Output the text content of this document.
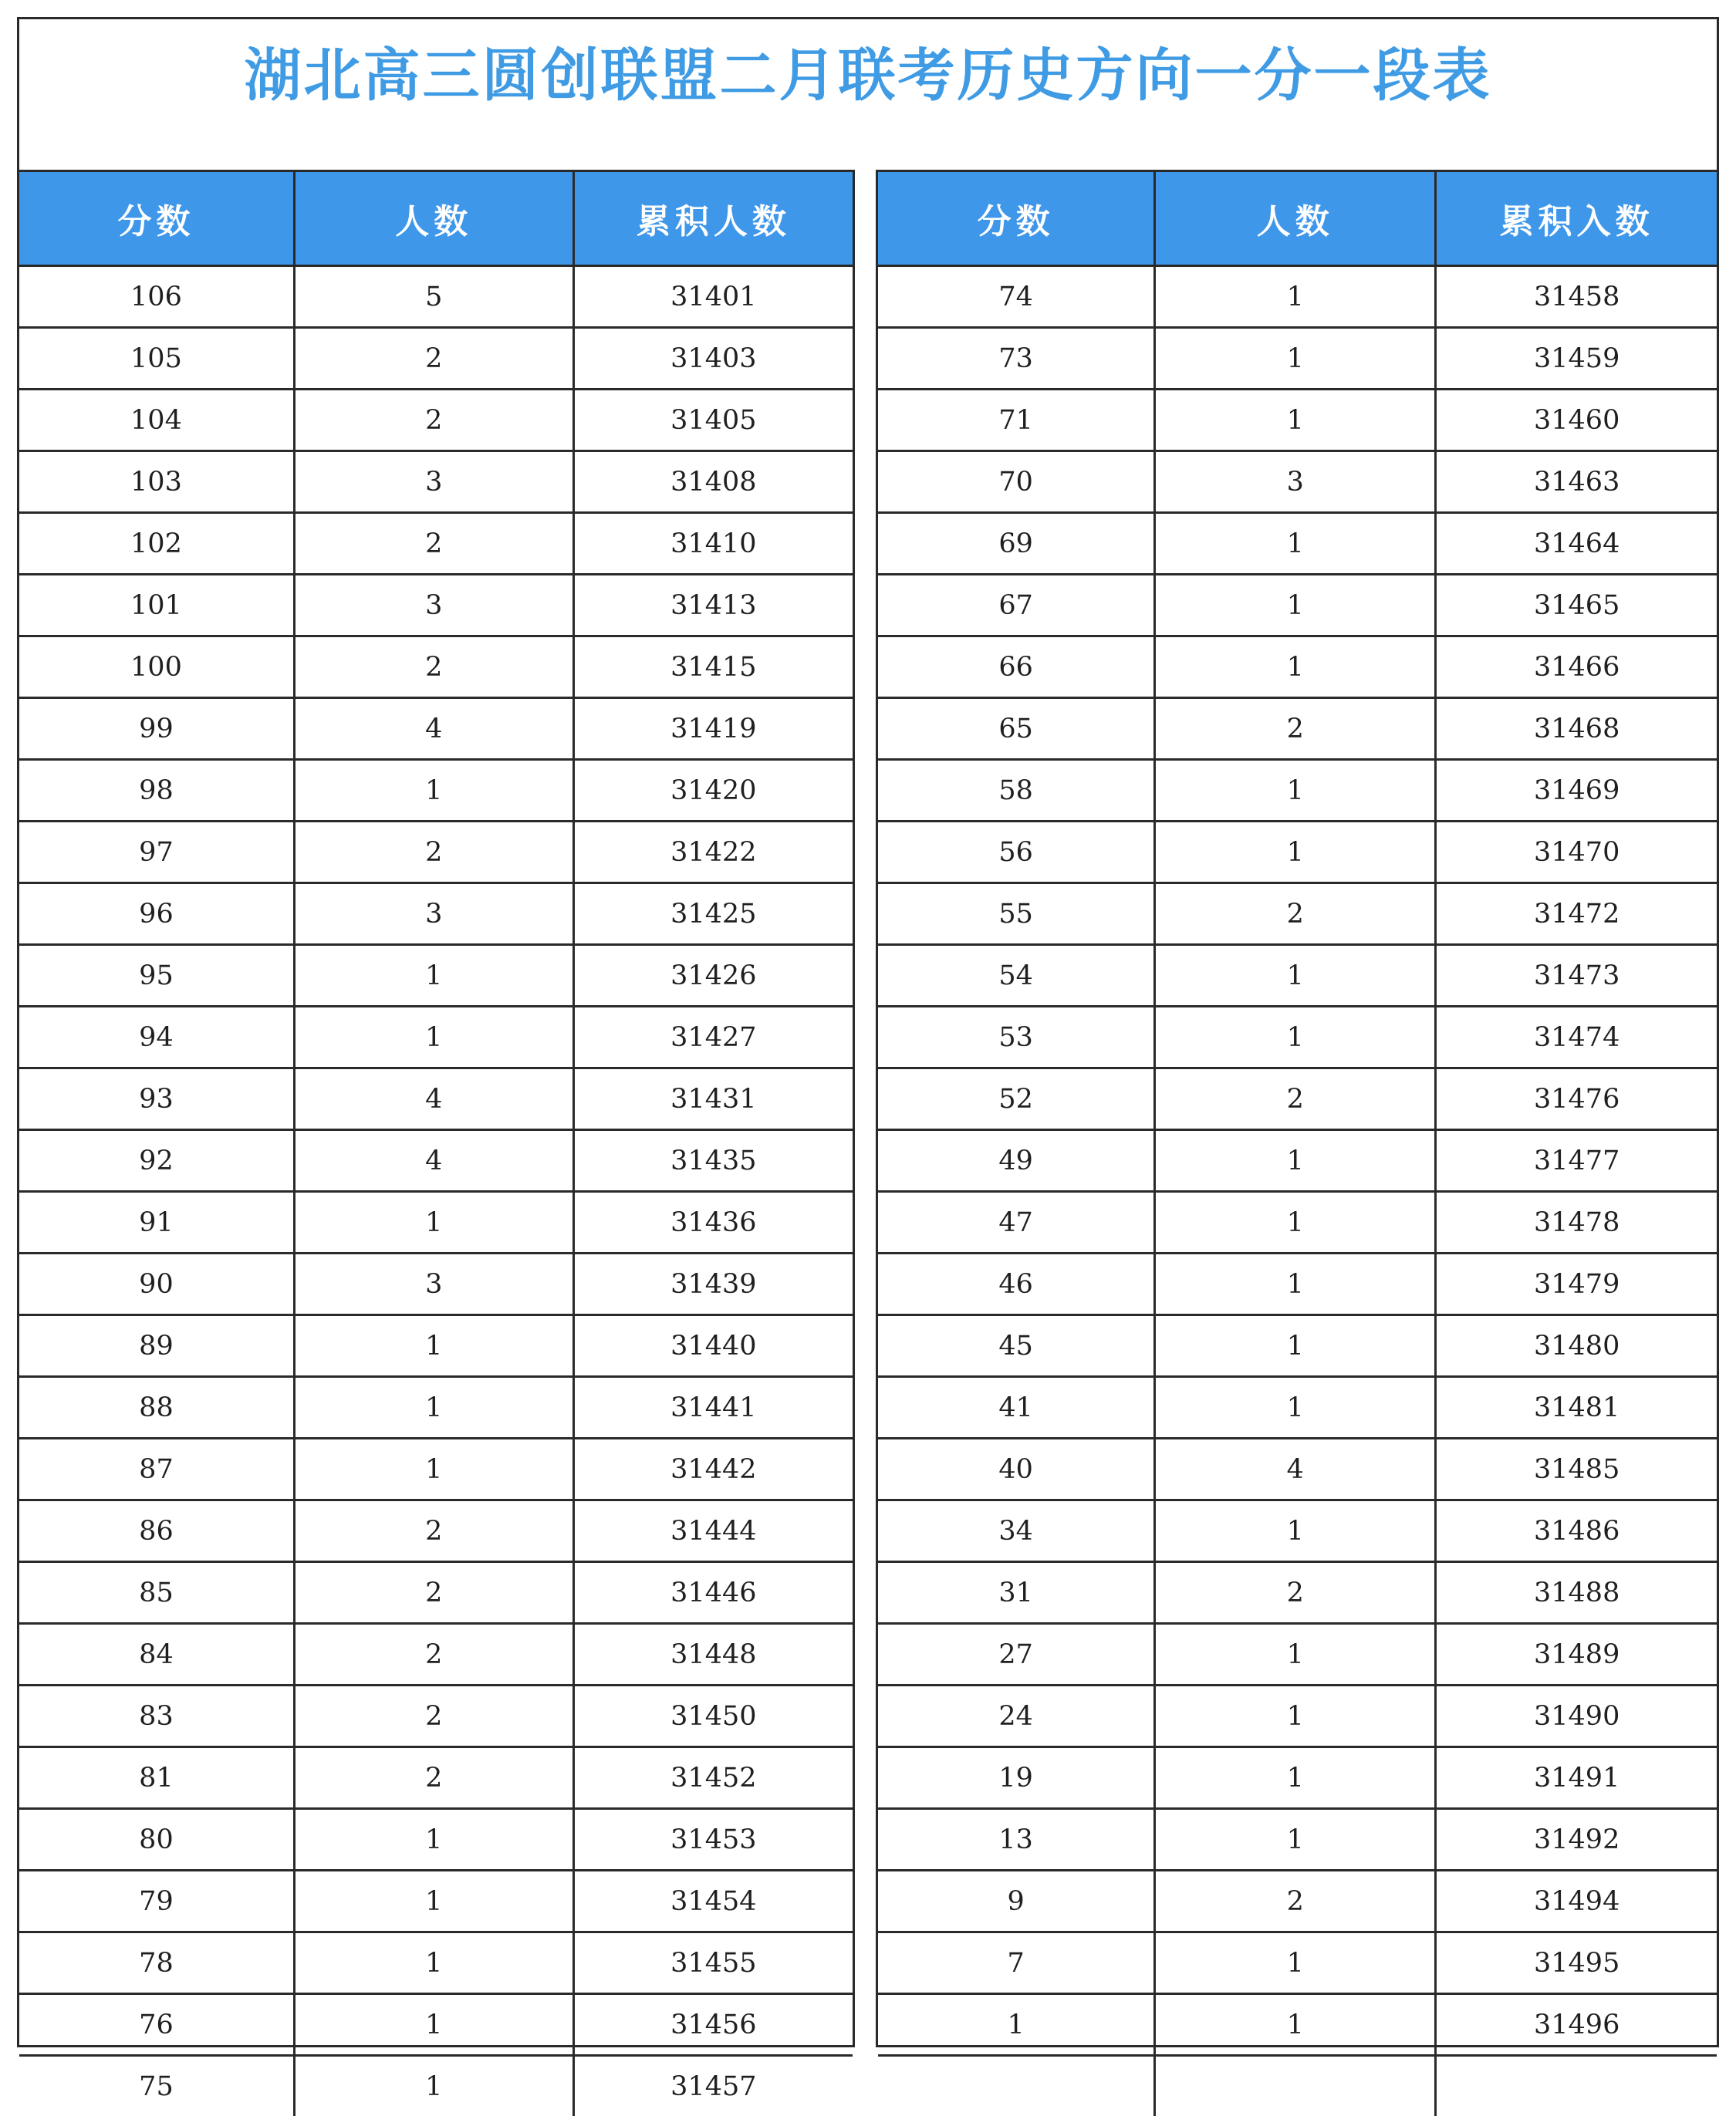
湖北高三圆创联盟二月联考历史方向一分一段表
分数	人数	累积人数
106	5	31401
105	2	31403
104	2	31405
103	3	31408
102	2	31410
101	3	31413
100	2	31415
99	4	31419
98	1	31420
97	2	31422
96	3	31425
95	1	31426
94	1	31427
93	4	31431
92	4	31435
91	1	31436
90	3	31439
89	1	31440
88	1	31441
87	1	31442
86	2	31444
85	2	31446
84	2	31448
83	2	31450
81	2	31452
80	1	31453
79	1	31454
78	1	31455
76	1	31456
75	1	31457
分数	人数	累积入数
74	1	31458
73	1	31459
71	1	31460
70	3	31463
69	1	31464
67	1	31465
66	1	31466
65	2	31468
58	1	31469
56	1	31470
55	2	31472
54	1	31473
53	1	31474
52	2	31476
49	1	31477
47	1	31478
46	1	31479
45	1	31480
41	1	31481
40	4	31485
34	1	31486
31	2	31488
27	1	31489
24	1	31490
19	1	31491
13	1	31492
9	2	31494
7	1	31495
1	1	31496
